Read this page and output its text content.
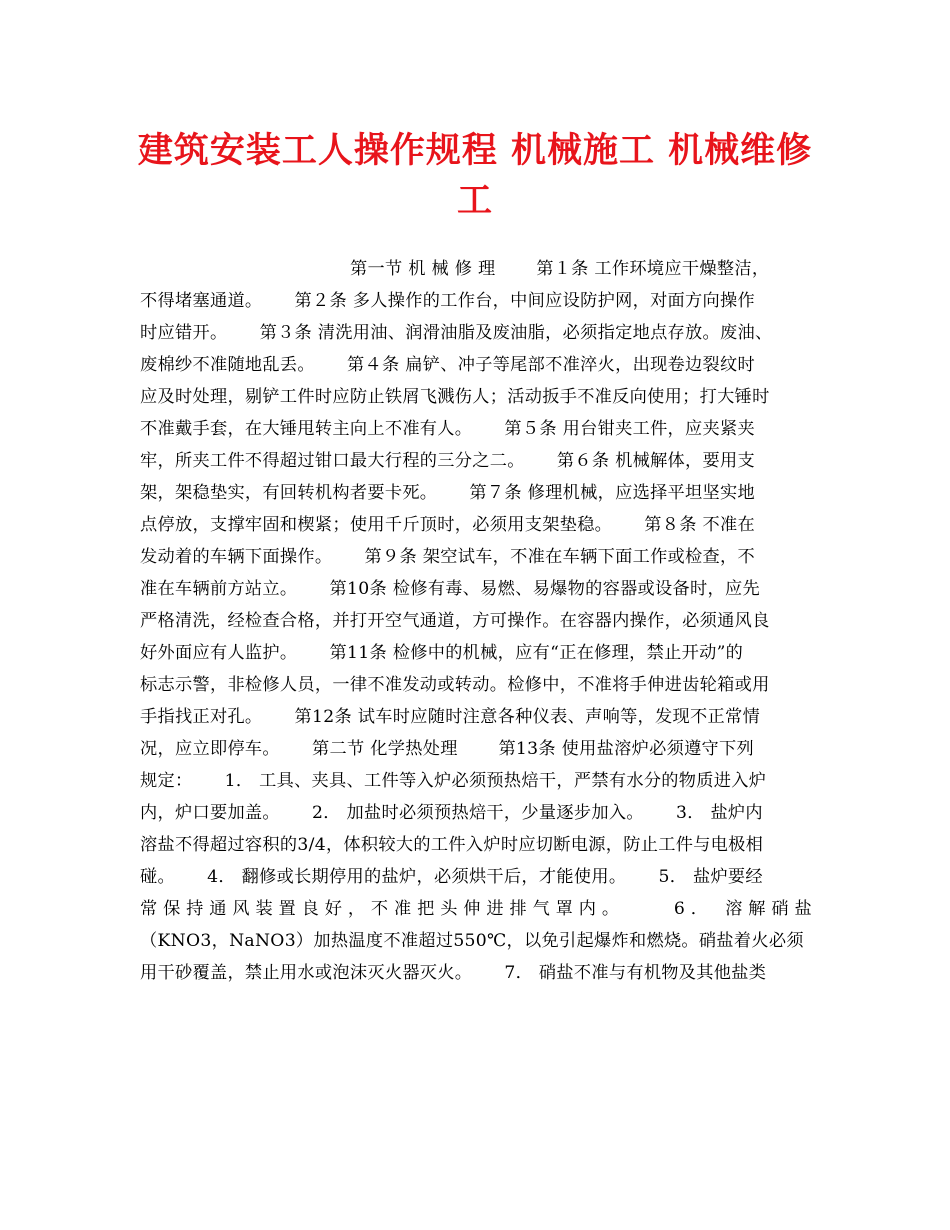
建筑安装工人操作规程 机械施工 机械维修工
第一节 机 械 修 理　　 第１条 工作环境应干燥整洁，
不得堵塞通道。　　 第２条 多人操作的工作台，中间应设防护网，对面方向操作
时应错开。　　 第３条 清洗用油、润滑油脂及废油脂，必须指定地点存放。废油、
废棉纱不准随地乱丢。　　 第４条 扁铲、冲子等尾部不准淬火，出现卷边裂纹时
应及时处理，剔铲工件时应防止铁屑飞溅伤人；活动扳手不准反向使用；打大锤时
不准戴手套，在大锤甩转主向上不准有人。　　 第５条 用台钳夹工件，应夹紧夹
牢，所夹工件不得超过钳口最大行程的三分之二。　　 第６条 机械解体，要用支
架，架稳垫实，有回转机构者要卡死。　　 第７条 修理机械，应选择平坦坚实地
点停放，支撑牢固和楔紧；使用千斤顶时，必须用支架垫稳。　　 第８条 不准在
发动着的车辆下面操作。　　 第９条 架空试车，不准在车辆下面工作或检查，不
准在车辆前方站立。　　 第10条 检修有毒、易燃、易爆物的容器或设备时，应先
严格清洗，经检查合格，并打开空气通道，方可操作。在容器内操作，必须通风良
好外面应有人监护。　　 第11条 检修中的机械，应有“正在修理，禁止开动”的
标志示警，非检修人员，一律不准发动或转动。检修中，不准将手伸进齿轮箱或用
手指找正对孔。　　 第12条 试车时应随时注意各种仪表、声响等，发现不正常情
况，应立即停车。　　 第二节 化学热处理　　 第13条 使用盐溶炉必须遵守下列
规定：　　 1． 工具、夹具、工件等入炉必须预热焙干，严禁有水分的物质进入炉
内，炉口要加盖。　　 2． 加盐时必须预热焙干，少量逐步加入。　　 3． 盐炉内
溶盐不得超过容积的3/4，体积较大的工件入炉时应切断电源，防止工件与电极相
碰。　　 4． 翻修或长期停用的盐炉，必须烘干后，才能使用。　　 5． 盐炉要经
常保持通风装置良好，不准把头伸进排气罩内。　　 6． 溶解硝盐
（KNO3，NaNO3）加热温度不准超过550℃，以免引起爆炸和燃烧。硝盐着火必须
用干砂覆盖，禁止用水或泡沫灭火器灭火。　　 7． 硝盐不准与有机物及其他盐类
